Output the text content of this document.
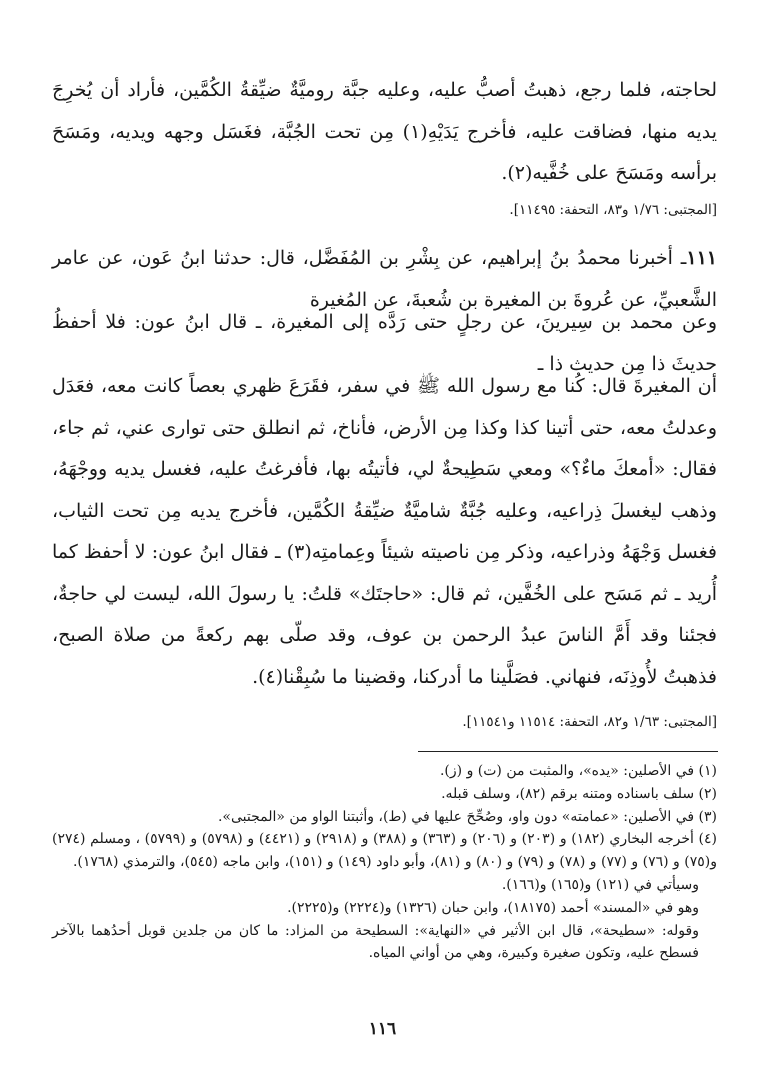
لحاجته، فلما رجع، ذهبتُ أصبُّ عليه، وعليه جبَّة روميَّةٌ ضيِّقةُ الكُمَّين، فأراد أن يُخرِجَ يديه منها، فضاقت عليه، فأخرج يَدَيْهِ(١) مِن تحت الجُبَّة، فغَسَل وجهه ويديه، ومَسَحَ برأسه ومَسَحَ على خُفَّيه(٢).

[المجتبى: ١/٧٦ و٨٣، التحفة: ١١٤٩٥].

١١١ـ أخبرنا محمدُ بنُ إبراهيم، عن بِشْرِ بن المُفَضَّل، قال: حدثنا ابنُ عَون، عن عامر الشَّعبيِّ، عن عُروةَ بن المغيرة بن شُعبةَ، عن المُغيرة

وعن محمد بن سِيرينَ، عن رجلٍ حتى رَدَّه إلى المغيرة، ـ قال ابنُ عون: فلا أحفظُ حديثَ ذا مِن حديث ذا ـ

أن المغيرةَ قال: كُنا مع رسول الله ﷺ في سفر، فقَرَعَ ظهري بعصاً كانت معه، فعَدَل وعدلتُ معه، حتى أتينا كذا وكذا مِن الأرض، فأناخ، ثم انطلق حتى توارى عني، ثم جاء، فقال: «أمعكَ ماءٌ؟» ومعي سَطِيحةٌ لي، فأتيتُه بها، فأفرغتُ عليه، فغسل يديه ووجْهَهُ، وذهب ليغسلَ ذِراعيه، وعليه جُبَّةٌ شاميَّةٌ ضيِّقةُ الكُمَّين، فأخرج يديه مِن تحت الثياب، فغسل وَجْهَهُ وذراعيه، وذكر مِن ناصيته شيئاً وعِمامتِه(٣) ـ فقال ابنُ عون: لا أحفظ كما أُريد ـ ثم مَسَح على الخُفَّين، ثم قال: «حاجتَك» قلتُ: يا رسولَ الله، ليست لي حاجةٌ، فجئنا وقد أَمَّ الناسَ عبدُ الرحمن بن عوف، وقد صلّى بهم ركعةً من صلاة الصبح، فذهبتُ لأُوذِنَه، فنهاني. فصَلَّينا ما أدركنا، وقضينا ما سُبِقْنا(٤).

[المجتبى: ١/٦٣ و٨٢، التحفة: ١١٥١٤ و١١٥٤١].

(١) في الأصلين: «يده»، والمثبت من (ت) و (ز).

(٢) سلف باسناده ومتنه برقم (٨٢)، وسلف قبله.

(٣) في الأصلين: «عمامته» دون واو، وصُحِّحَ عليها في (ط)، وأثبتنا الواو من «المجتبى».

(٤) أخرجه البخاري (١٨٢) و (٢٠٣) و (٢٠٦) و (٣٦٣) و (٣٨٨) و (٢٩١٨) و (٤٤٢١) و (٥٧٩٨) و (٥٧٩٩) ، ومسلم (٢٧٤) و(٧٥) و (٧٦) و (٧٧) و (٧٨) و (٧٩) و (٨٠) و (٨١)، وأبو داود (١٤٩) و (١٥١)، وابن ماجه (٥٤٥)، والترمذي (١٧٦٨).

وسيأتي في (١٢١) و(١٦٥) و(١٦٦).

وهو في «المسند» أحمد (١٨١٧٥)، وابن حبان (١٣٢٦) و(٢٢٢٤) و(٢٢٢٥).

وقوله: «سطيحة»، قال ابن الأثير في «النهاية»: السطيحة من المزاد: ما كان من جلدين قوبل أحدُهما بالآخر فسطح عليه، وتكون صغيرة وكبيرة، وهي من أواني المياه.

١١٦
